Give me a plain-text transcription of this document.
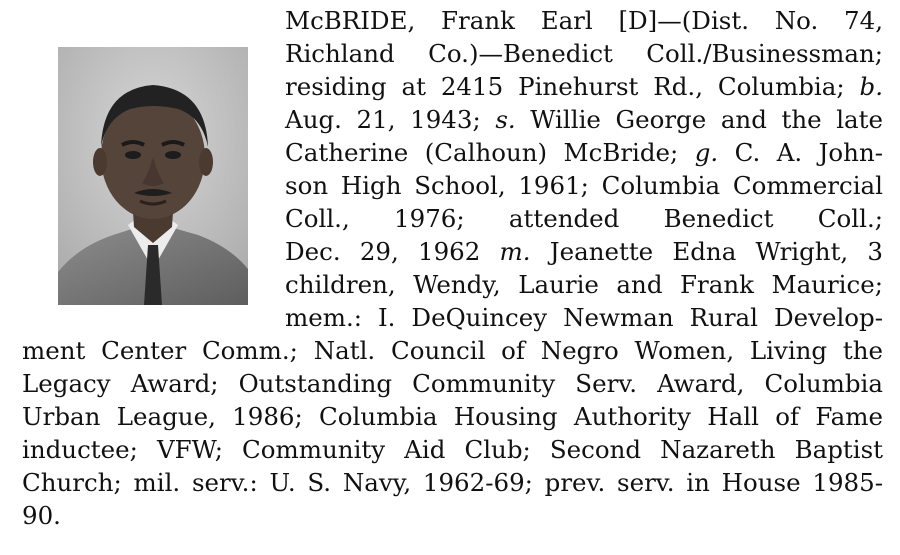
McBRIDE, Frank Earl [D]—(Dist. No. 74,
Richland Co.)—Benedict Coll./Businessman;
residing at 2415 Pinehurst Rd., Columbia; b.
Aug. 21, 1943; s. Willie George and the late
Catherine (Calhoun) McBride; g. C. A. John-
son High School, 1961; Columbia Commercial
Coll., 1976; attended Benedict Coll.;
Dec. 29, 1962 m. Jeanette Edna Wright, 3
children, Wendy, Laurie and Frank Maurice;
mem.: I. DeQuincey Newman Rural Develop-
ment Center Comm.; Natl. Council of Negro Women, Living the
Legacy Award; Outstanding Community Serv. Award, Columbia
Urban League, 1986; Columbia Housing Authority Hall of Fame
inductee; VFW; Community Aid Club; Second Nazareth Baptist
Church; mil. serv.: U. S. Navy, 1962-69; prev. serv. in House 1985-
90.
